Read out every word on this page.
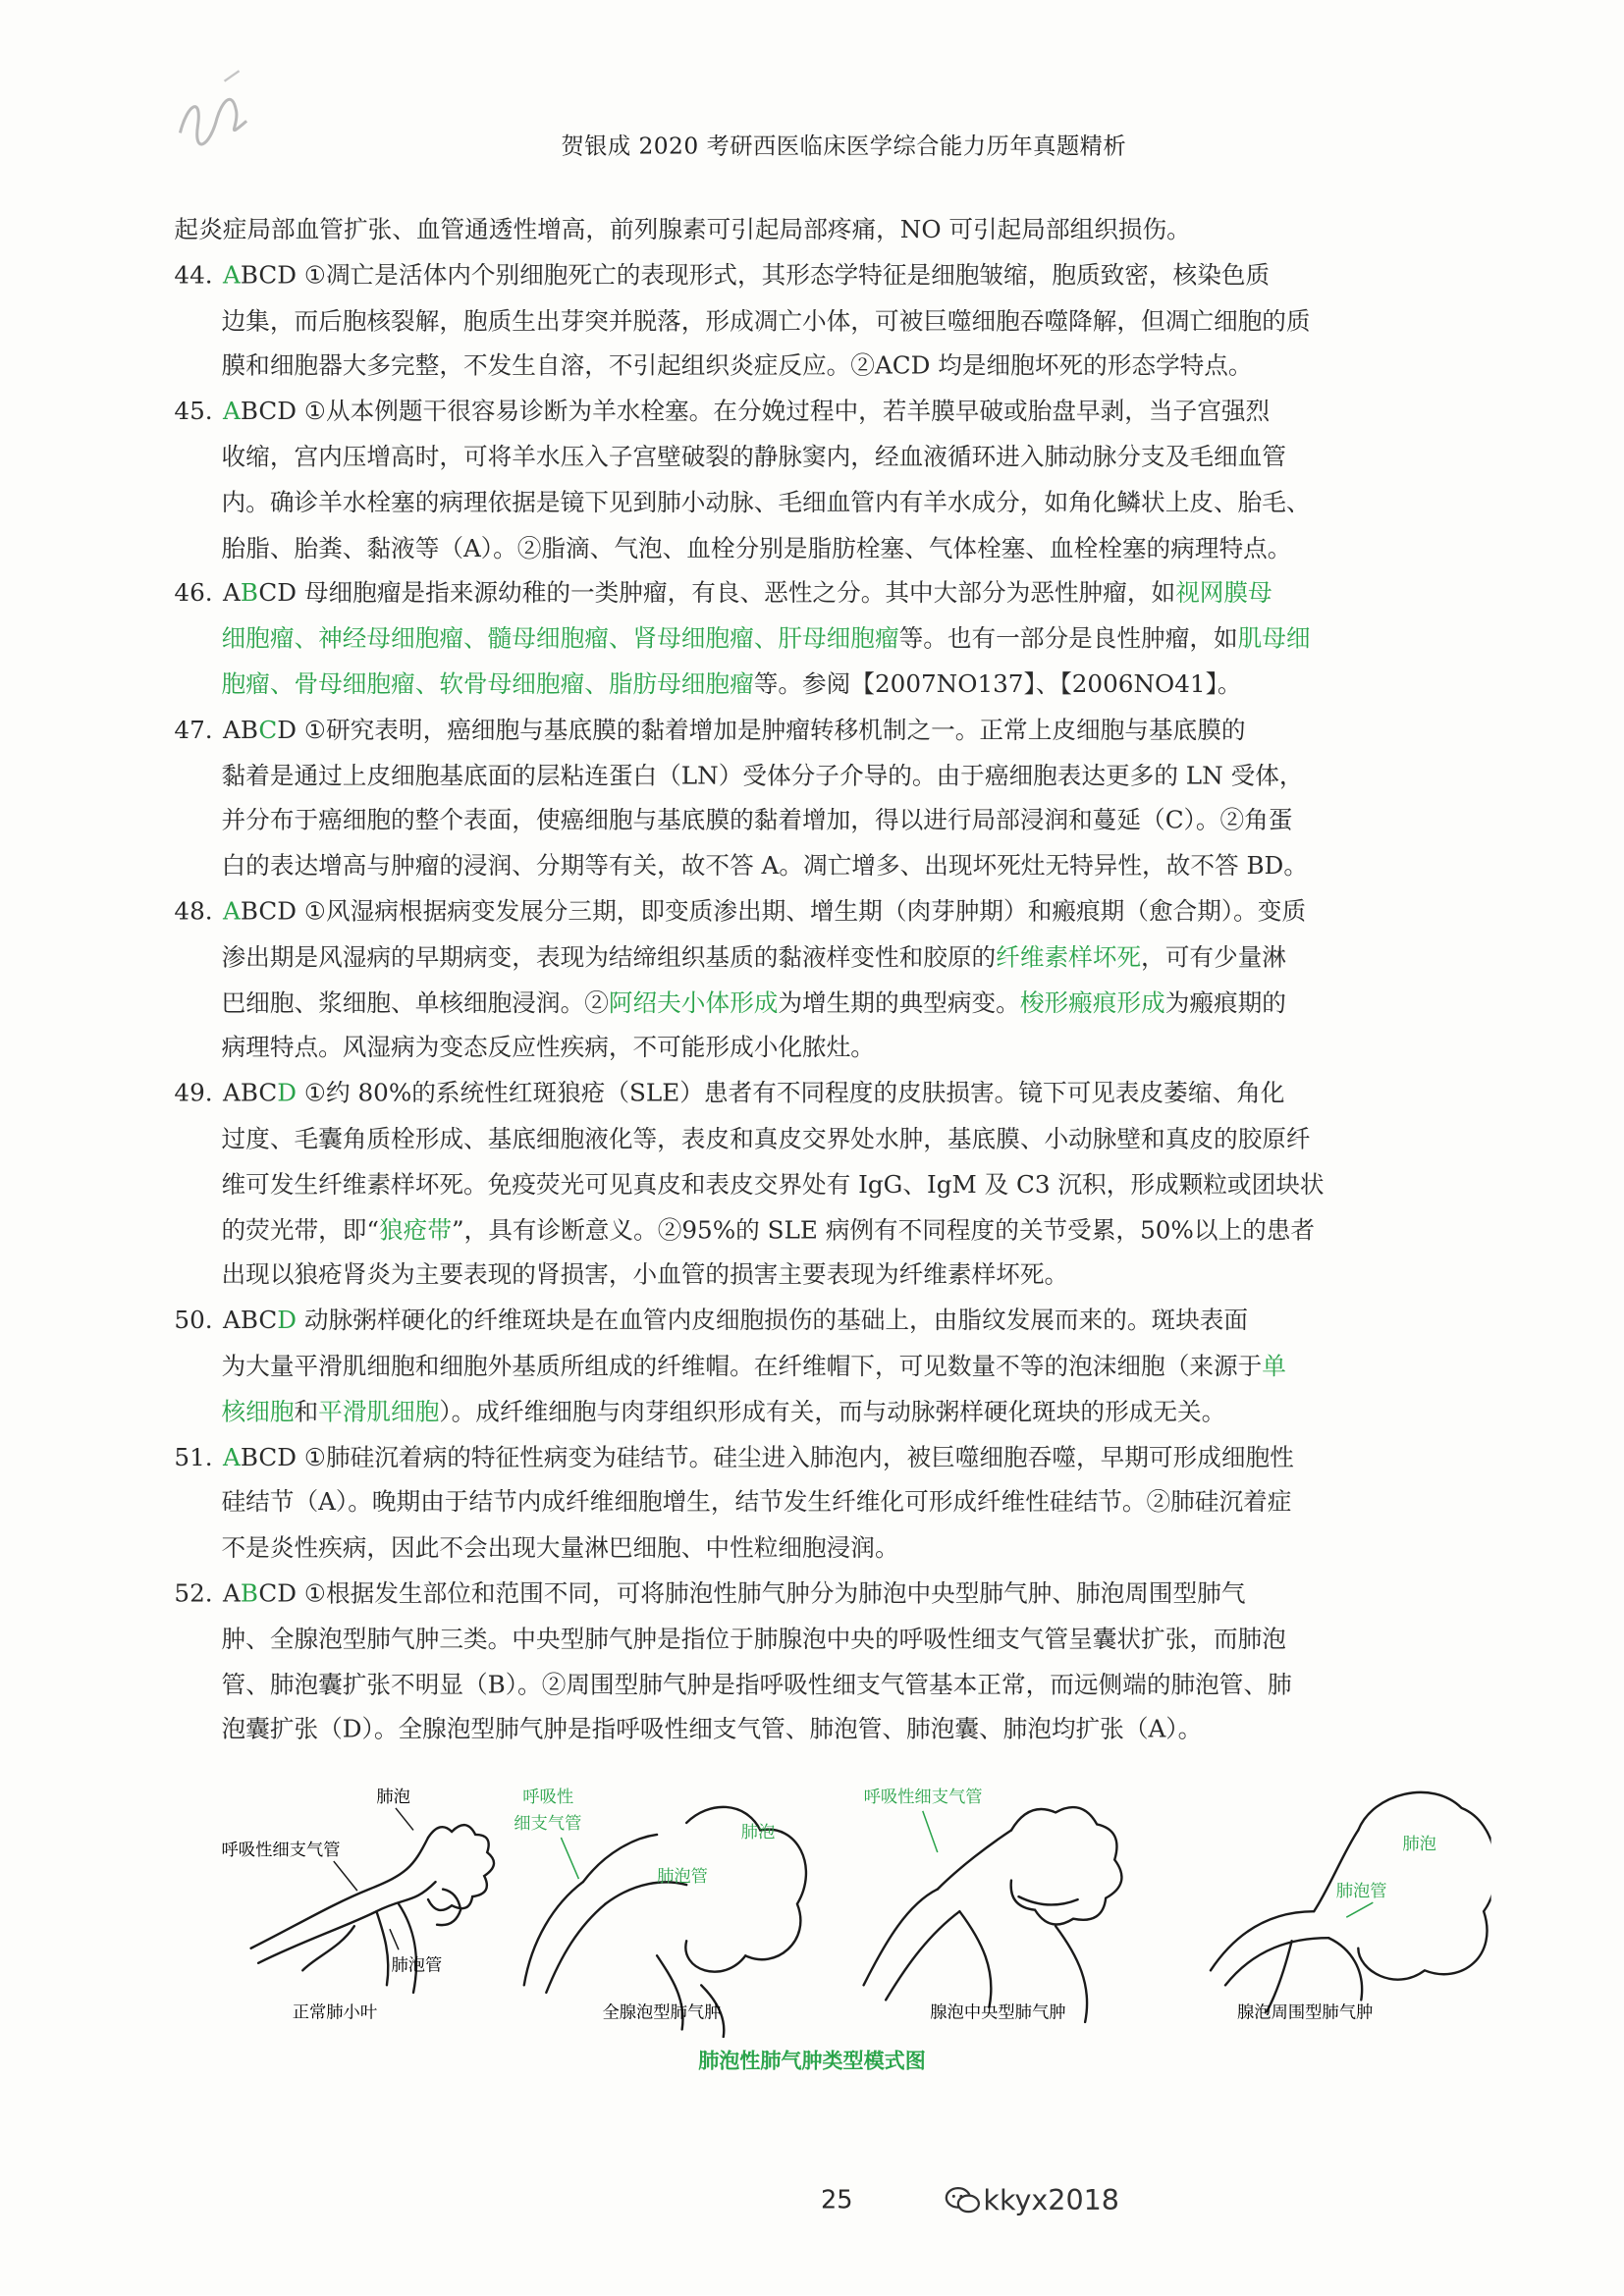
贺银成 2020 考研西医临床医学综合能力历年真题精析
起炎症局部血管扩张、血管通透性增高，前列腺素可引起局部疼痛，NO 可引起局部组织损伤。
44. ABCD ①凋亡是活体内个别细胞死亡的表现形式，其形态学特征是细胞皱缩，胞质致密，核染色质
边集，而后胞核裂解，胞质生出芽突并脱落，形成凋亡小体，可被巨噬细胞吞噬降解，但凋亡细胞的质
膜和细胞器大多完整，不发生自溶，不引起组织炎症反应。②ACD 均是细胞坏死的形态学特点。
45. ABCD ①从本例题干很容易诊断为羊水栓塞。在分娩过程中，若羊膜早破或胎盘早剥，当子宫强烈
收缩，宫内压增高时，可将羊水压入子宫壁破裂的静脉窦内，经血液循环进入肺动脉分支及毛细血管
内。确诊羊水栓塞的病理依据是镜下见到肺小动脉、毛细血管内有羊水成分，如角化鳞状上皮、胎毛、
胎脂、胎粪、黏液等（A）。②脂滴、气泡、血栓分别是脂肪栓塞、气体栓塞、血栓栓塞的病理特点。
46. ABCD 母细胞瘤是指来源幼稚的一类肿瘤，有良、恶性之分。其中大部分为恶性肿瘤，如视网膜母
细胞瘤、神经母细胞瘤、髓母细胞瘤、肾母细胞瘤、肝母细胞瘤等。也有一部分是良性肿瘤，如肌母细
胞瘤、骨母细胞瘤、软骨母细胞瘤、脂肪母细胞瘤等。参阅【2007NO137】、【2006NO41】。
47. ABCD ①研究表明，癌细胞与基底膜的黏着增加是肿瘤转移机制之一。正常上皮细胞与基底膜的
黏着是通过上皮细胞基底面的层粘连蛋白（LN）受体分子介导的。由于癌细胞表达更多的 LN 受体，
并分布于癌细胞的整个表面，使癌细胞与基底膜的黏着增加，得以进行局部浸润和蔓延（C）。②角蛋
白的表达增高与肿瘤的浸润、分期等有关，故不答 A。凋亡增多、出现坏死灶无特异性，故不答 BD。
48. ABCD ①风湿病根据病变发展分三期，即变质渗出期、增生期（肉芽肿期）和瘢痕期（愈合期）。变质
渗出期是风湿病的早期病变，表现为结缔组织基质的黏液样变性和胶原的纤维素样坏死，可有少量淋
巴细胞、浆细胞、单核细胞浸润。②阿绍夫小体形成为增生期的典型病变。梭形瘢痕形成为瘢痕期的
病理特点。风湿病为变态反应性疾病，不可能形成小化脓灶。
49. ABCD ①约 80%的系统性红斑狼疮（SLE）患者有不同程度的皮肤损害。镜下可见表皮萎缩、角化
过度、毛囊角质栓形成、基底细胞液化等，表皮和真皮交界处水肿，基底膜、小动脉壁和真皮的胶原纤
维可发生纤维素样坏死。免疫荧光可见真皮和表皮交界处有 IgG、IgM 及 C3 沉积，形成颗粒或团块状
的荧光带，即“狼疮带”，具有诊断意义。②95%的 SLE 病例有不同程度的关节受累，50%以上的患者
出现以狼疮肾炎为主要表现的肾损害，小血管的损害主要表现为纤维素样坏死。
50. ABCD 动脉粥样硬化的纤维斑块是在血管内皮细胞损伤的基础上，由脂纹发展而来的。斑块表面
为大量平滑肌细胞和细胞外基质所组成的纤维帽。在纤维帽下，可见数量不等的泡沫细胞（来源于单
核细胞和平滑肌细胞）。成纤维细胞与肉芽组织形成有关，而与动脉粥样硬化斑块的形成无关。
51. ABCD ①肺硅沉着病的特征性病变为硅结节。硅尘进入肺泡内，被巨噬细胞吞噬，早期可形成细胞性
硅结节（A）。晚期由于结节内成纤维细胞增生，结节发生纤维化可形成纤维性硅结节。②肺硅沉着症
不是炎性疾病，因此不会出现大量淋巴细胞、中性粒细胞浸润。
52. ABCD ①根据发生部位和范围不同，可将肺泡性肺气肿分为肺泡中央型肺气肿、肺泡周围型肺气
肿、全腺泡型肺气肿三类。中央型肺气肿是指位于肺腺泡中央的呼吸性细支气管呈囊状扩张，而肺泡
管、肺泡囊扩张不明显（B）。②周围型肺气肿是指呼吸性细支气管基本正常，而远侧端的肺泡管、肺
泡囊扩张（D）。全腺泡型肺气肿是指呼吸性细支气管、肺泡管、肺泡囊、肺泡均扩张（A）。
肺泡
呼吸性细支气管
肺泡管
呼吸性
细支气管	肺泡
肺泡管
呼吸性细支气管
肺泡
肺泡管
正常肺小叶	全腺泡型肺气肿	腺泡中央型肺气肿	腺泡周围型肺气肿
肺泡性肺气肿类型模式图
25	kkyx2018
